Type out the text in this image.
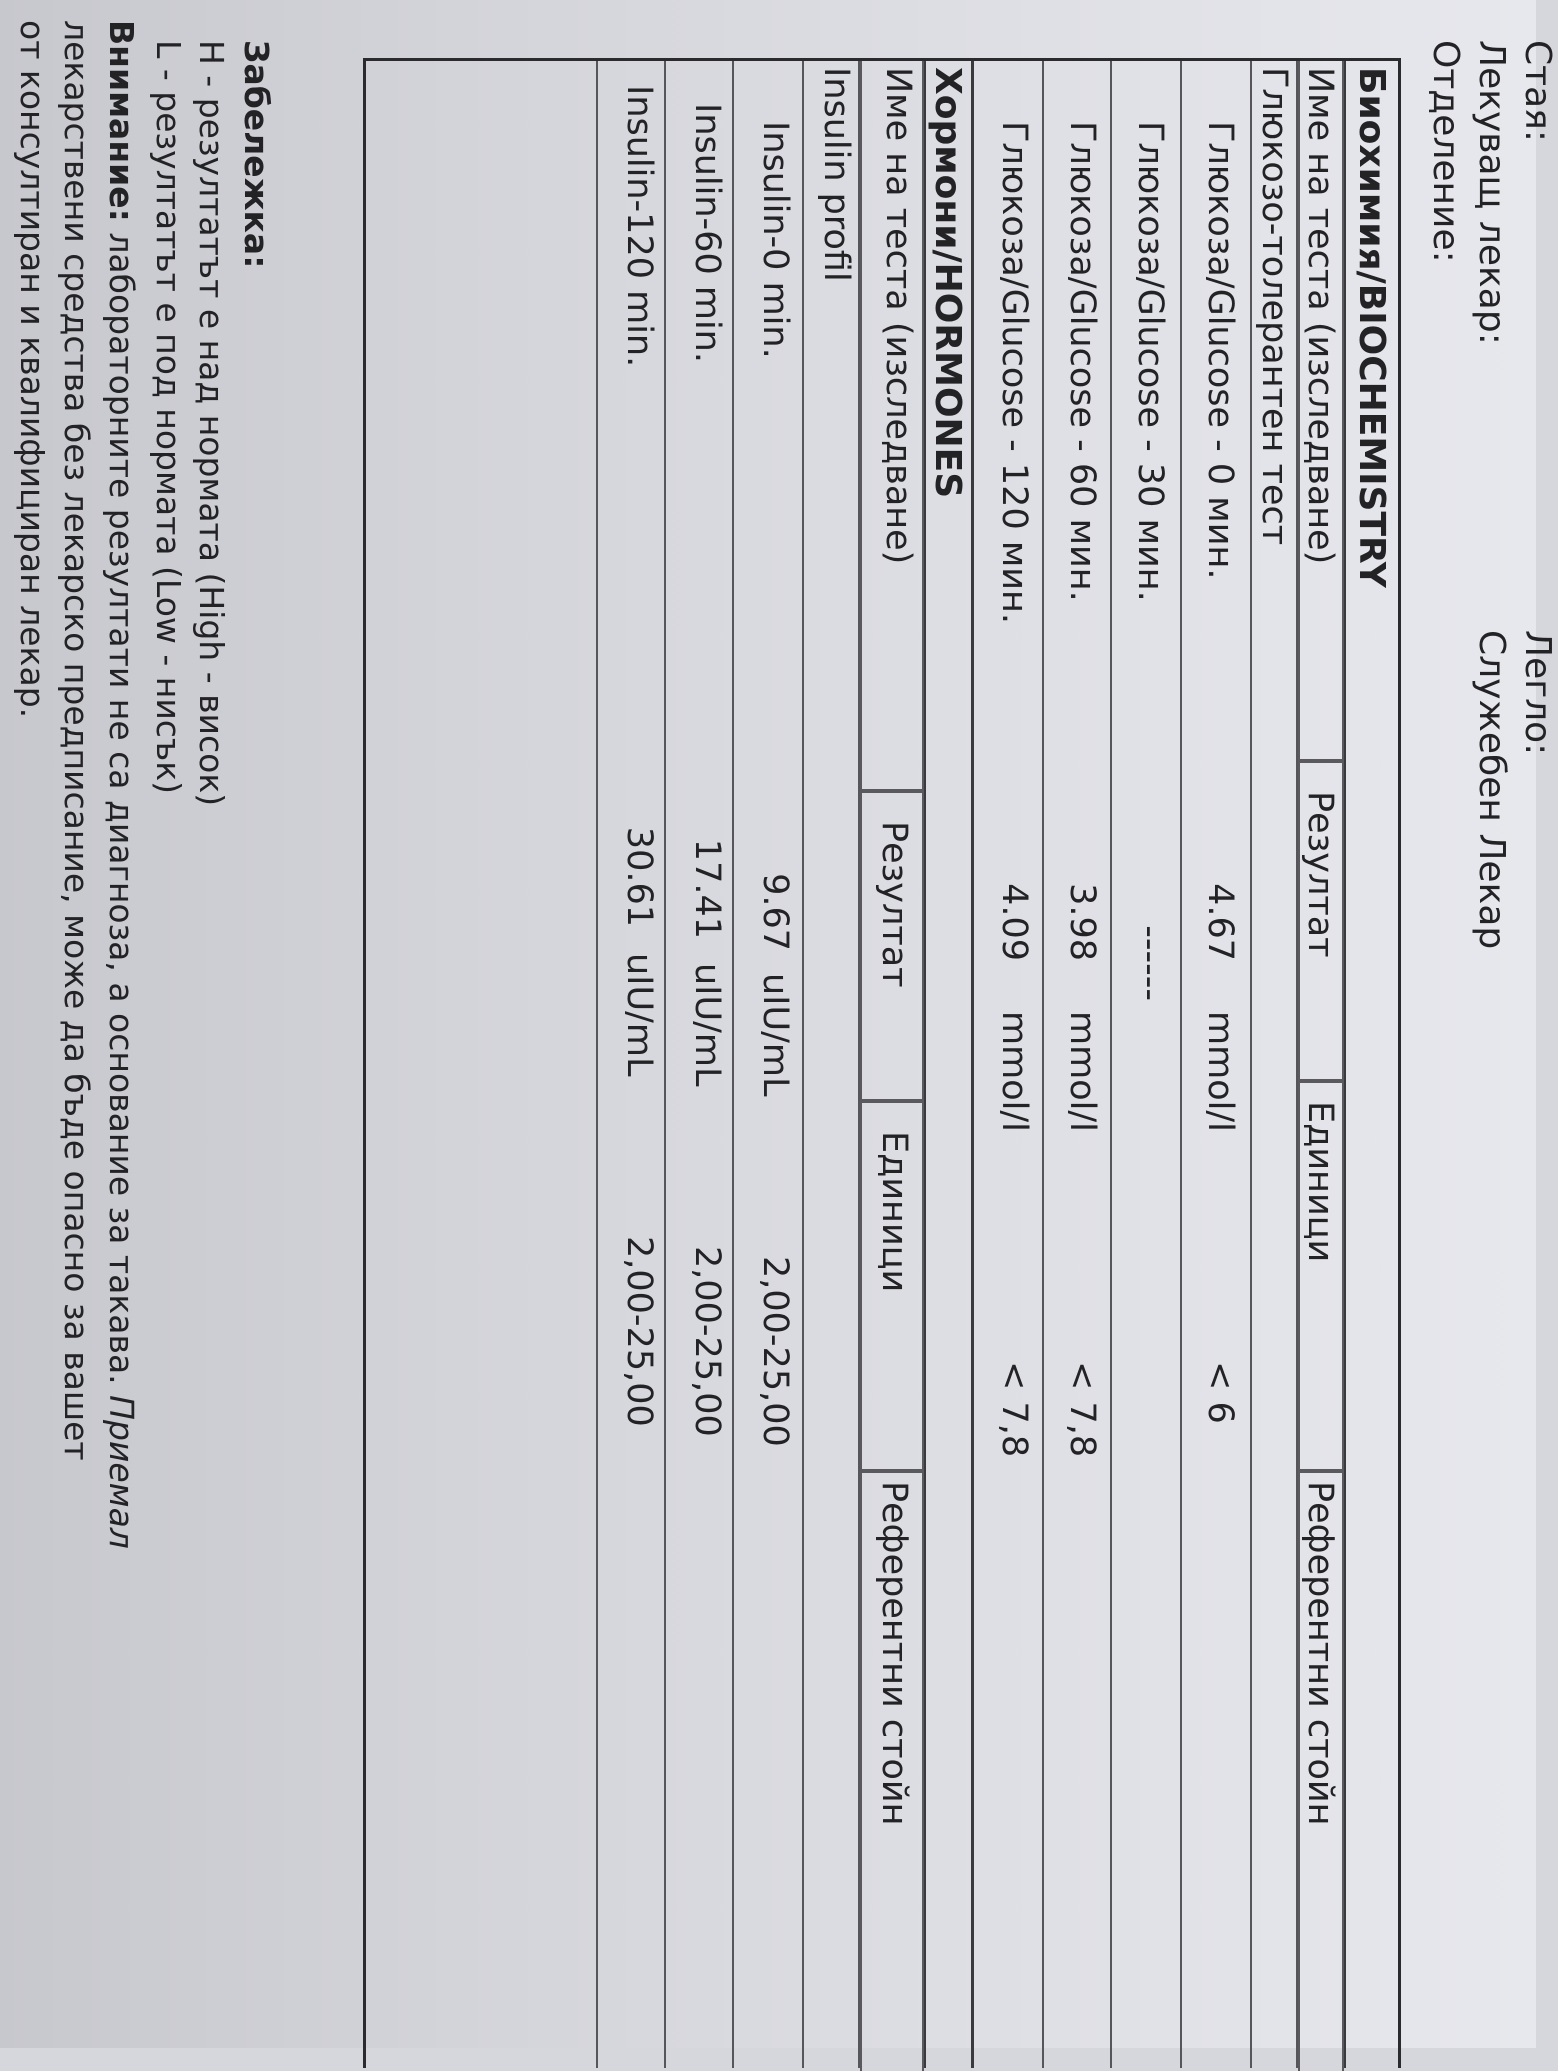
Стая:
Лекуващ лекар:
Отделение:
Легло:
Служебен Лекар
Биохимия/BIOCHEMISTRY
Име на теста (изследване)
Резултат
Единици
Референтни стойн
Глюкозо-толерантен тест
Глюкоза/Glucose - 0 мин.
4.67
mmol/l
< 6
Глюкоза/Glucose - 30 мин.
------
Глюкоза/Glucose - 60 мин.
3.98
mmol/l
< 7,8
Глюкоза/Glucose - 120 мин.
4.09
mmol/l
< 7,8
Хормони/HORMONES
Име на теста (изследване)
Резултат
Единици
Референтни стойн
Insulin profil
Insulin-0 min.
9.67
uIU/mL
2,00-25,00
Insulin-60 min.
17.41
uIU/mL
2,00-25,00
Insulin-120 min.
30.61
uIU/mL
2,00-25,00
Забележка:
Н - резултатът е над нормата (High - висок)
L - резултатът е под нормата (Low - нисък)
Внимание: лабораторните резултати не са диагноза, а основание за такава. Приемал
лекарствени средства без лекарско предписание, може да бъде опасно за вашет
от консултиран и квалифициран лекар.
